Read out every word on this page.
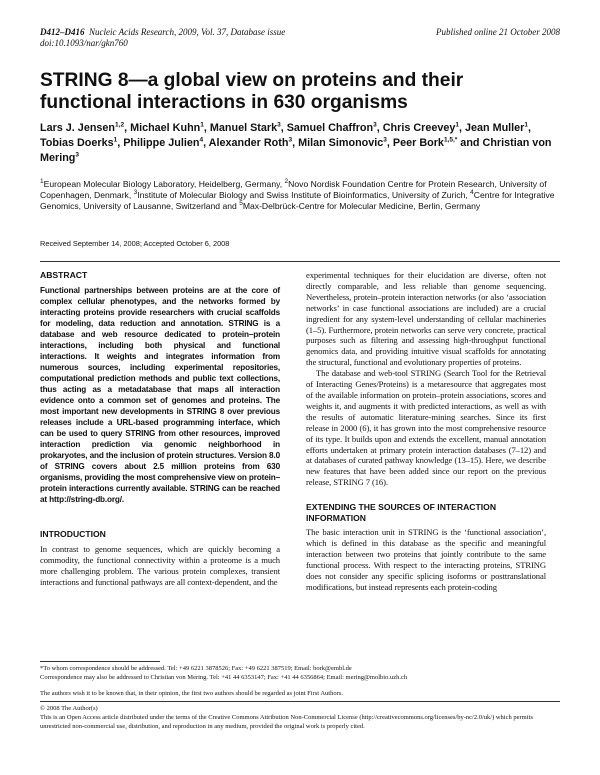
D412–D416 Nucleic Acids Research, 2009, Vol. 37, Database issue	Published online 21 October 2008
doi:10.1093/nar/gkn760
STRING 8—a global view on proteins and their functional interactions in 630 organisms
Lars J. Jensen$^{1,2}$, Michael Kuhn$^1$, Manuel Stark$^3$, Samuel Chaffron$^3$, Chris Creevey$^1$, Jean Muller$^1$, Tobias Doerks$^1$, Philippe Julien$^4$, Alexander Roth$^3$, Milan Simonovic$^3$, Peer Bork$^{1,5,*}$ and Christian von Mering$^3$
$^1$European Molecular Biology Laboratory, Heidelberg, Germany, $^2$Novo Nordisk Foundation Centre for Protein Research, University of Copenhagen, Denmark, $^3$Institute of Molecular Biology and Swiss Institute of Bioinformatics, University of Zurich, $^4$Centre for Integrative Genomics, University of Lausanne, Switzerland and $^5$Max-Delbrück-Centre for Molecular Medicine, Berlin, Germany
Received September 14, 2008; Accepted October 6, 2008
ABSTRACT
Functional partnerships between proteins are at the core of complex cellular phenotypes, and the networks formed by interacting proteins provide researchers with crucial scaffolds for modeling, data reduction and annotation. STRING is a database and web resource dedicated to protein–protein interactions, including both physical and functional interactions. It weights and integrates information from numerous sources, including experimental repositories, computational prediction methods and public text collections, thus acting as a metadatabase that maps all interaction evidence onto a common set of genomes and proteins. The most important new developments in STRING 8 over previous releases include a URL-based programming interface, which can be used to query STRING from other resources, improved interaction prediction via genomic neighborhood in prokaryotes, and the inclusion of protein structures. Version 8.0 of STRING covers about 2.5 million proteins from 630 organisms, providing the most comprehensive view on protein–protein interactions currently available. STRING can be reached at http://string-db.org/.
INTRODUCTION
In contrast to genome sequences, which are quickly becoming a commodity, the functional connectivity within a proteome is a much more challenging problem. The various protein complexes, transient interactions and functional pathways are all context-dependent, and the

experimental techniques for their elucidation are diverse, often not directly comparable, and less reliable than genome sequencing. Nevertheless, protein–protein interaction networks (or also ‘association networks’ in case functional associations are included) are a crucial ingredient for any system-level understanding of cellular machineries (1–5). Furthermore, protein networks can serve very concrete, practical purposes such as filtering and assessing high-throughput functional genomics data, and providing intuitive visual scaffolds for annotating the structural, functional and evolutionary properties of proteins.

The database and web-tool STRING (Search Tool for the Retrieval of Interacting Genes/Proteins) is a metaresource that aggregates most of the available information on protein–protein associations, scores and weights it, and augments it with predicted interactions, as well as with the results of automatic literature-mining searches. Since its first release in 2000 (6), it has grown into the most comprehensive resource of its type. It builds upon and extends the excellent, manual annotation efforts undertaken at primary protein interaction databases (7–12) and at databases of curated pathway knowledge (13–15). Here, we describe new features that have been added since our report on the previous release, STRING 7 (16).

EXTENDING THE SOURCES OF INTERACTION INFORMATION

The basic interaction unit in STRING is the ‘functional association’, which is defined in this database as the specific and meaningful interaction between two proteins that jointly contribute to the same functional process. With respect to the interacting proteins, STRING does not consider any specific splicing isoforms or posttranslational modifications, but instead represents each protein-coding

*To whom correspondence should be addressed. Tel: +49 6221 3878526; Fax: +49 6221 387519; Email: bork@embl.de
Correspondence may also be addressed to Christian von Mering. Tel: +41 44 6353147; Fax: +41 44 6356864; Email: mering@molbio.uzh.ch
The authors wish it to be known that, in their opinion, the first two authors should be regarded as joint First Authors.
© 2008 The Author(s)
This is an Open Access article distributed under the terms of the Creative Commons Attribution Non-Commercial License (http://creativecommons.org/licenses/by-nc/2.0/uk/) which permits unrestricted non-commercial use, distribution, and reproduction in any medium, provided the original work is properly cited.
